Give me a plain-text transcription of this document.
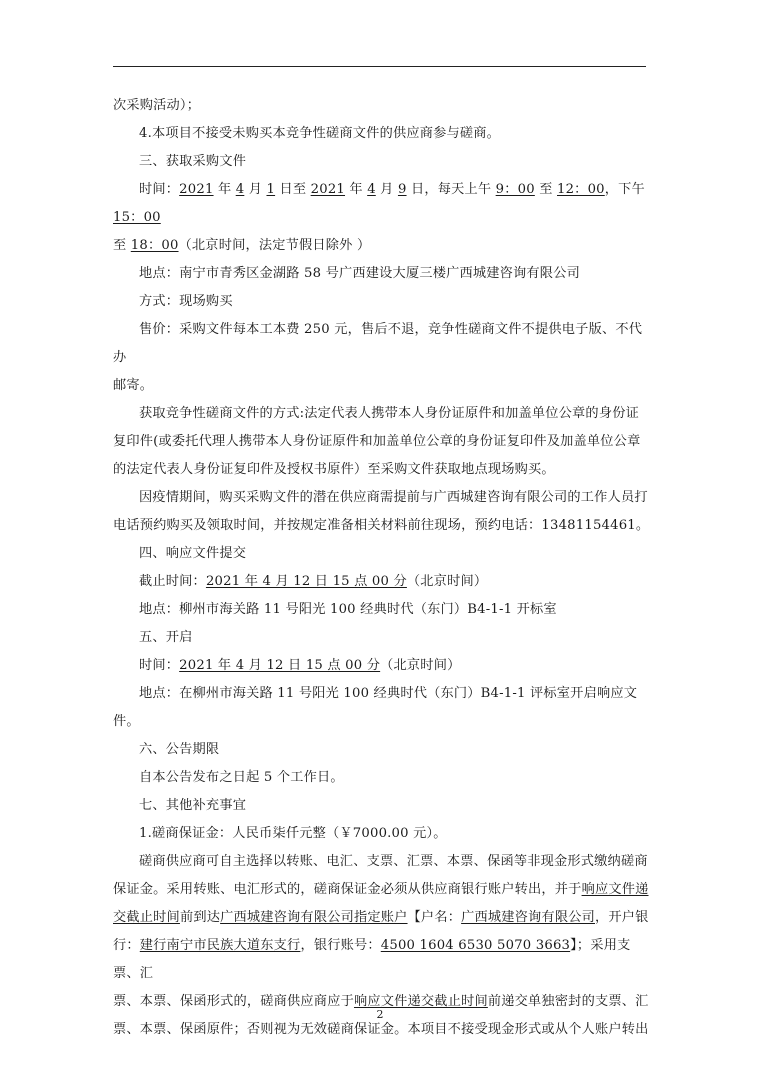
次采购活动）；

4.本项目不接受未购买本竞争性磋商文件的供应商参与磋商。

三、获取采购文件

时间：2021 年 4 月 1 日至 2021 年 4 月 9 日，每天上午 9：00 至 12：00，下午 15：00

至 18：00（北京时间，法定节假日除外 ）

地点：南宁市青秀区金湖路 58 号广西建设大厦三楼广西城建咨询有限公司

方式：现场购买

售价：采购文件每本工本费 250 元，售后不退，竞争性磋商文件不提供电子版、不代办

邮寄。

获取竞争性磋商文件的方式:法定代表人携带本人身份证原件和加盖单位公章的身份证

复印件(或委托代理人携带本人身份证原件和加盖单位公章的身份证复印件及加盖单位公章

的法定代表人身份证复印件及授权书原件）至采购文件获取地点现场购买。

因疫情期间，购买采购文件的潜在供应商需提前与广西城建咨询有限公司的工作人员打

电话预约购买及领取时间，并按规定准备相关材料前往现场，预约电话：13481154461。

四、响应文件提交

截止时间：2021 年 4 月 12 日 15 点 00 分（北京时间）

地点：柳州市海关路 11 号阳光 100 经典时代（东门）B4-1-1 开标室

五、开启

时间：2021 年 4 月 12 日 15 点 00 分（北京时间）

地点：在柳州市海关路 11 号阳光 100 经典时代（东门）B4-1-1 评标室开启响应文件。

六、公告期限

自本公告发布之日起 5 个工作日。

七、其他补充事宜

1.磋商保证金：人民币柒仟元整（￥7000.00 元）。

磋商供应商可自主选择以转账、电汇、支票、汇票、本票、保函等非现金形式缴纳磋商

保证金。采用转账、电汇形式的，磋商保证金必须从供应商银行账户转出，并于响应文件递

交截止时间前到达广西城建咨询有限公司指定账户【户名：广西城建咨询有限公司，开户银

行：建行南宁市民族大道东支行，银行账号：4500 1604 6530 5070 3663】；采用支票、汇

票、本票、保函形式的，磋商供应商应于响应文件递交截止时间前递交单独密封的支票、汇

票、本票、保函原件；否则视为无效磋商保证金。本项目不接受现金形式或从个人账户转出

2
